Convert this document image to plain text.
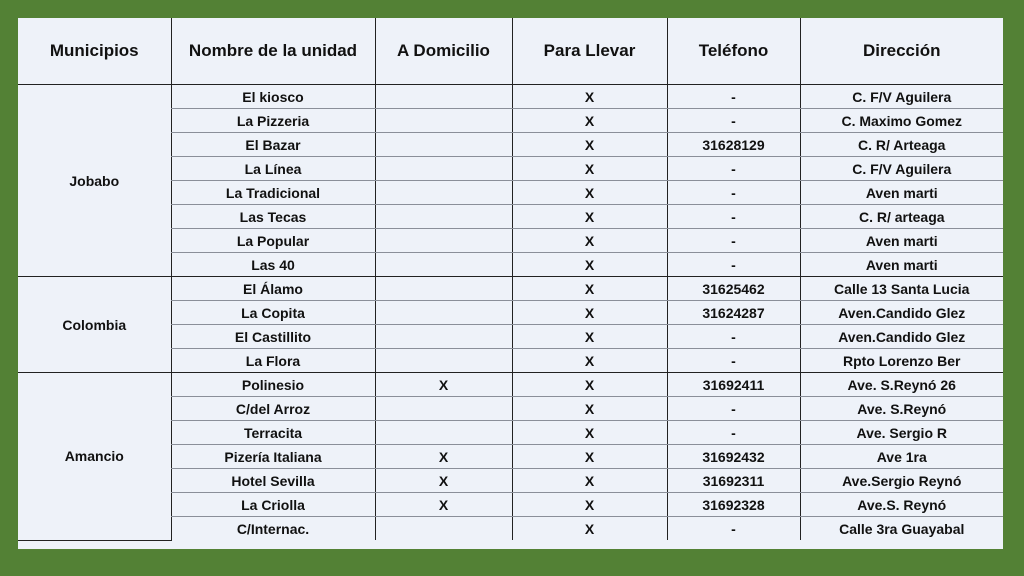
Municipios	Nombre de la unidad	A Domicilio	Para Llevar	Teléfono	Dirección
Jobabo	El kiosco		X	-	C. F/V Aguilera
	La Pizzeria		X	-	C. Maximo Gomez
	El Bazar		X	31628129	C. R/ Arteaga
	La Línea		X	-	C. F/V Aguilera
	La Tradicional		X	-	Aven marti
	Las Tecas		X	-	C. R/ arteaga
	La Popular		X	-	Aven marti
	Las 40		X	-	Aven marti
Colombia	El Álamo		X	31625462	Calle 13 Santa Lucia
	La Copita		X	31624287	Aven.Candido Glez
	El Castillito		X	-	Aven.Candido Glez
	La Flora		X	-	Rpto Lorenzo Ber
Amancio	Polinesio	X	X	31692411	Ave. S.Reynó 26
	C/del Arroz		X	-	Ave. S.Reynó
	Terracita		X	-	Ave. Sergio R
	Pizería Italiana	X	X	31692432	Ave 1ra
	Hotel Sevilla	X	X	31692311	Ave.Sergio Reynó
	La Criolla	X	X	31692328	Ave.S. Reynó
	C/Internac.		X	-	Calle 3ra Guayabal
